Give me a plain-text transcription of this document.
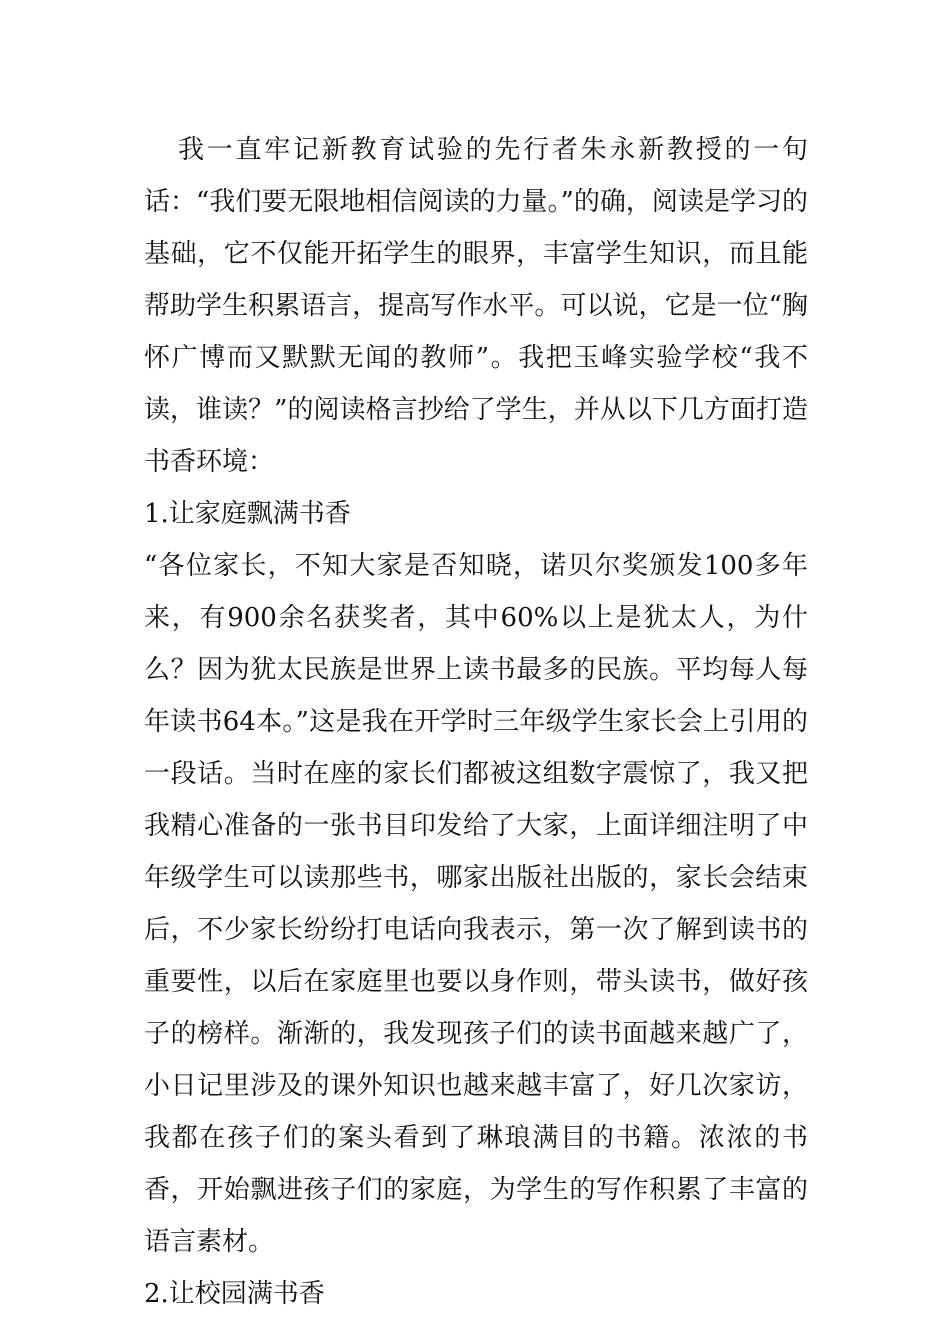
我一直牢记新教育试验的先行者朱永新教授的一句话：“我们要无限地相信阅读的力量。”的确，阅读是学习的基础，它不仅能开拓学生的眼界，丰富学生知识，而且能帮助学生积累语言，提高写作水平。可以说，它是一位“胸怀广博而又默默无闻的教师”。我把玉峰实验学校“我不读，谁读？”的阅读格言抄给了学生，并从以下几方面打造书香环境：

1.让家庭飘满书香

“各位家长，不知大家是否知晓，诺贝尔奖颁发100多年来，有900余名获奖者，其中60%以上是犹太人，为什么？因为犹太民族是世界上读书最多的民族。平均每人每年读书64本。”这是我在开学时三年级学生家长会上引用的一段话。当时在座的家长们都被这组数字震惊了，我又把我精心准备的一张书目印发给了大家，上面详细注明了中年级学生可以读那些书，哪家出版社出版的，家长会结束后，不少家长纷纷打电话向我表示，第一次了解到读书的重要性，以后在家庭里也要以身作则，带头读书，做好孩子的榜样。渐渐的，我发现孩子们的读书面越来越广了，小日记里涉及的课外知识也越来越丰富了，好几次家访，我都在孩子们的案头看到了琳琅满目的书籍。浓浓的书香，开始飘进孩子们的家庭，为学生的写作积累了丰富的语言素材。

2.让校园满书香
